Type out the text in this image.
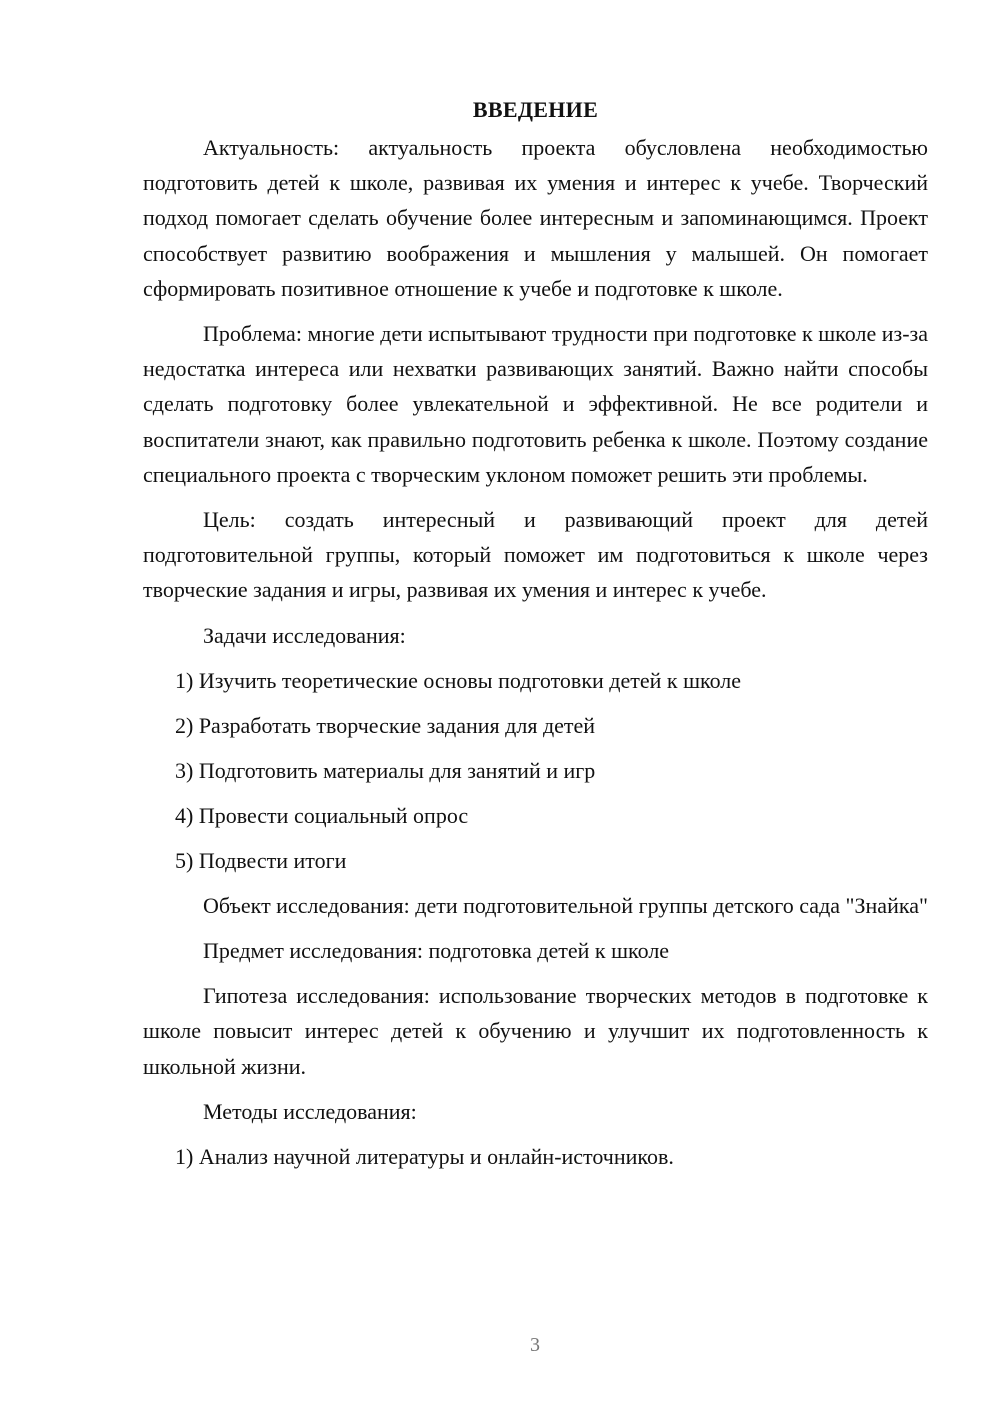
ВВЕДЕНИЕ

Актуальность: актуальность проекта обусловлена необходимостью подготовить детей к школе, развивая их умения и интерес к учебе. Творческий подход помогает сделать обучение более интересным и запоминающимся. Проект способствует развитию воображения и мышления у малышей. Он помогает сформировать позитивное отношение к учебе и подготовке к школе.

Проблема: многие дети испытывают трудности при подготовке к школе из-за недостатка интереса или нехватки развивающих занятий. Важно найти способы сделать подготовку более увлекательной и эффективной. Не все родители и воспитатели знают, как правильно подготовить ребенка к школе. Поэтому создание специального проекта с творческим уклоном поможет решить эти проблемы.

Цель: создать интересный и развивающий проект для детей подготовительной группы, который поможет им подготовиться к школе через творческие задания и игры, развивая их умения и интерес к учебе.

Задачи исследования:

1) Изучить теоретические основы подготовки детей к школе
2) Разработать творческие задания для детей
3) Подготовить материалы для занятий и игр
4) Провести социальный опрос
5) Подвести итоги

Объект исследования: дети подготовительной группы детского сада "Знайка"

Предмет исследования: подготовка детей к школе

Гипотеза исследования: использование творческих методов в подготовке к школе повысит интерес детей к обучению и улучшит их подготовленность к школьной жизни.

Методы исследования:

1) Анализ научной литературы и онлайн-источников.
3
